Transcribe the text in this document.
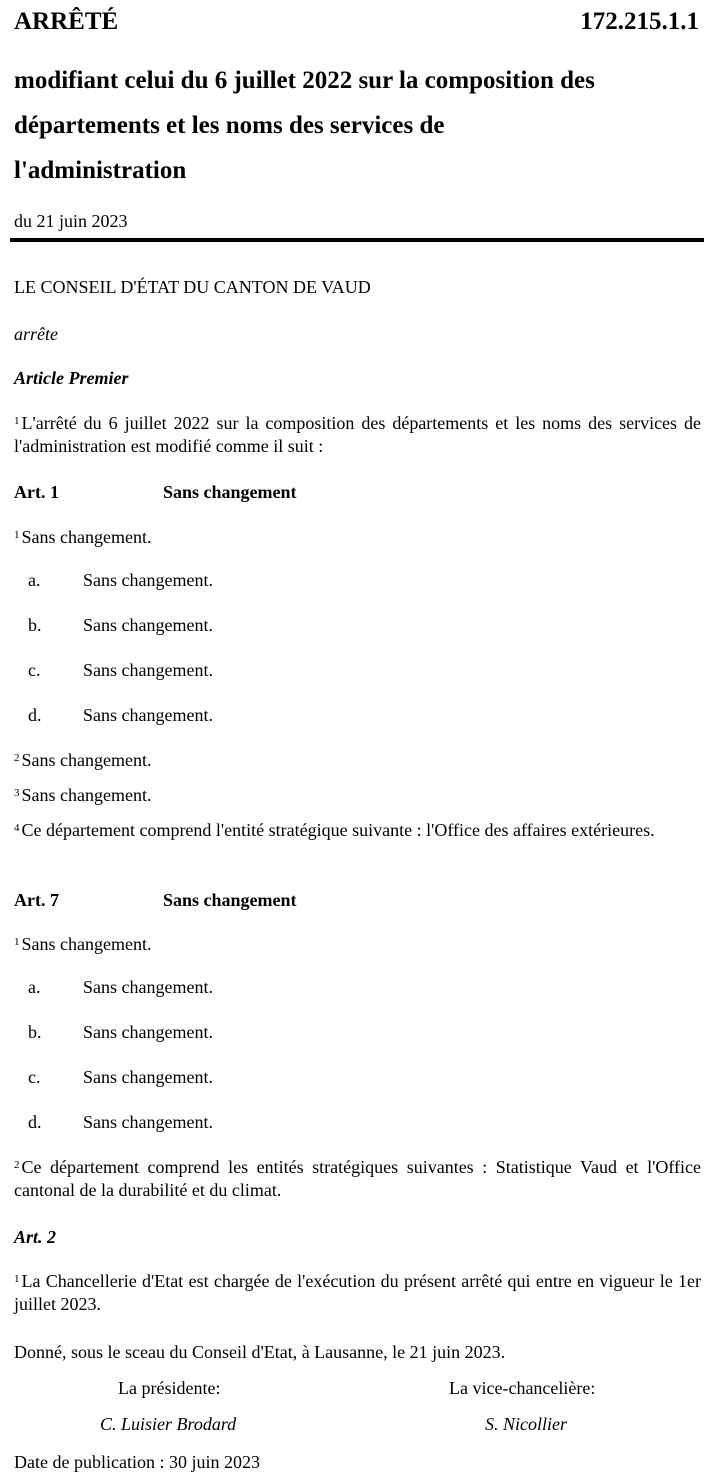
ARRÊTÉ	172.215.1.1
modifiant celui du 6 juillet 2022 sur la composition des
départements et les noms des services de
l'administration
du 21 juin 2023
LE CONSEIL D'ÉTAT DU CANTON DE VAUD
arrête
Article Premier
$^1$ L'arrêté du 6 juillet 2022 sur la composition des départements et les noms des services de l'administration est modifié comme il suit :
Art. 1	Sans changement
$^1$ Sans changement.
a. Sans changement.
b. Sans changement.
c. Sans changement.
d. Sans changement.
$^2$ Sans changement.
$^3$ Sans changement.
$^4$ Ce département comprend l'entité stratégique suivante : l'Office des affaires extérieures.
Art. 7	Sans changement
$^1$ Sans changement.
a. Sans changement.
b. Sans changement.
c. Sans changement.
d. Sans changement.
$^2$ Ce département comprend les entités stratégiques suivantes : Statistique Vaud et l'Office cantonal de la durabilité et du climat.
Art. 2
$^1$ La Chancellerie d'Etat est chargée de l'exécution du présent arrêté qui entre en vigueur le 1er juillet 2023.
Donné, sous le sceau du Conseil d'Etat, à Lausanne, le 21 juin 2023.
La présidente:	La vice-chancelière:
C. Luisier Brodard	S. Nicollier
Date de publication : 30 juin 2023
